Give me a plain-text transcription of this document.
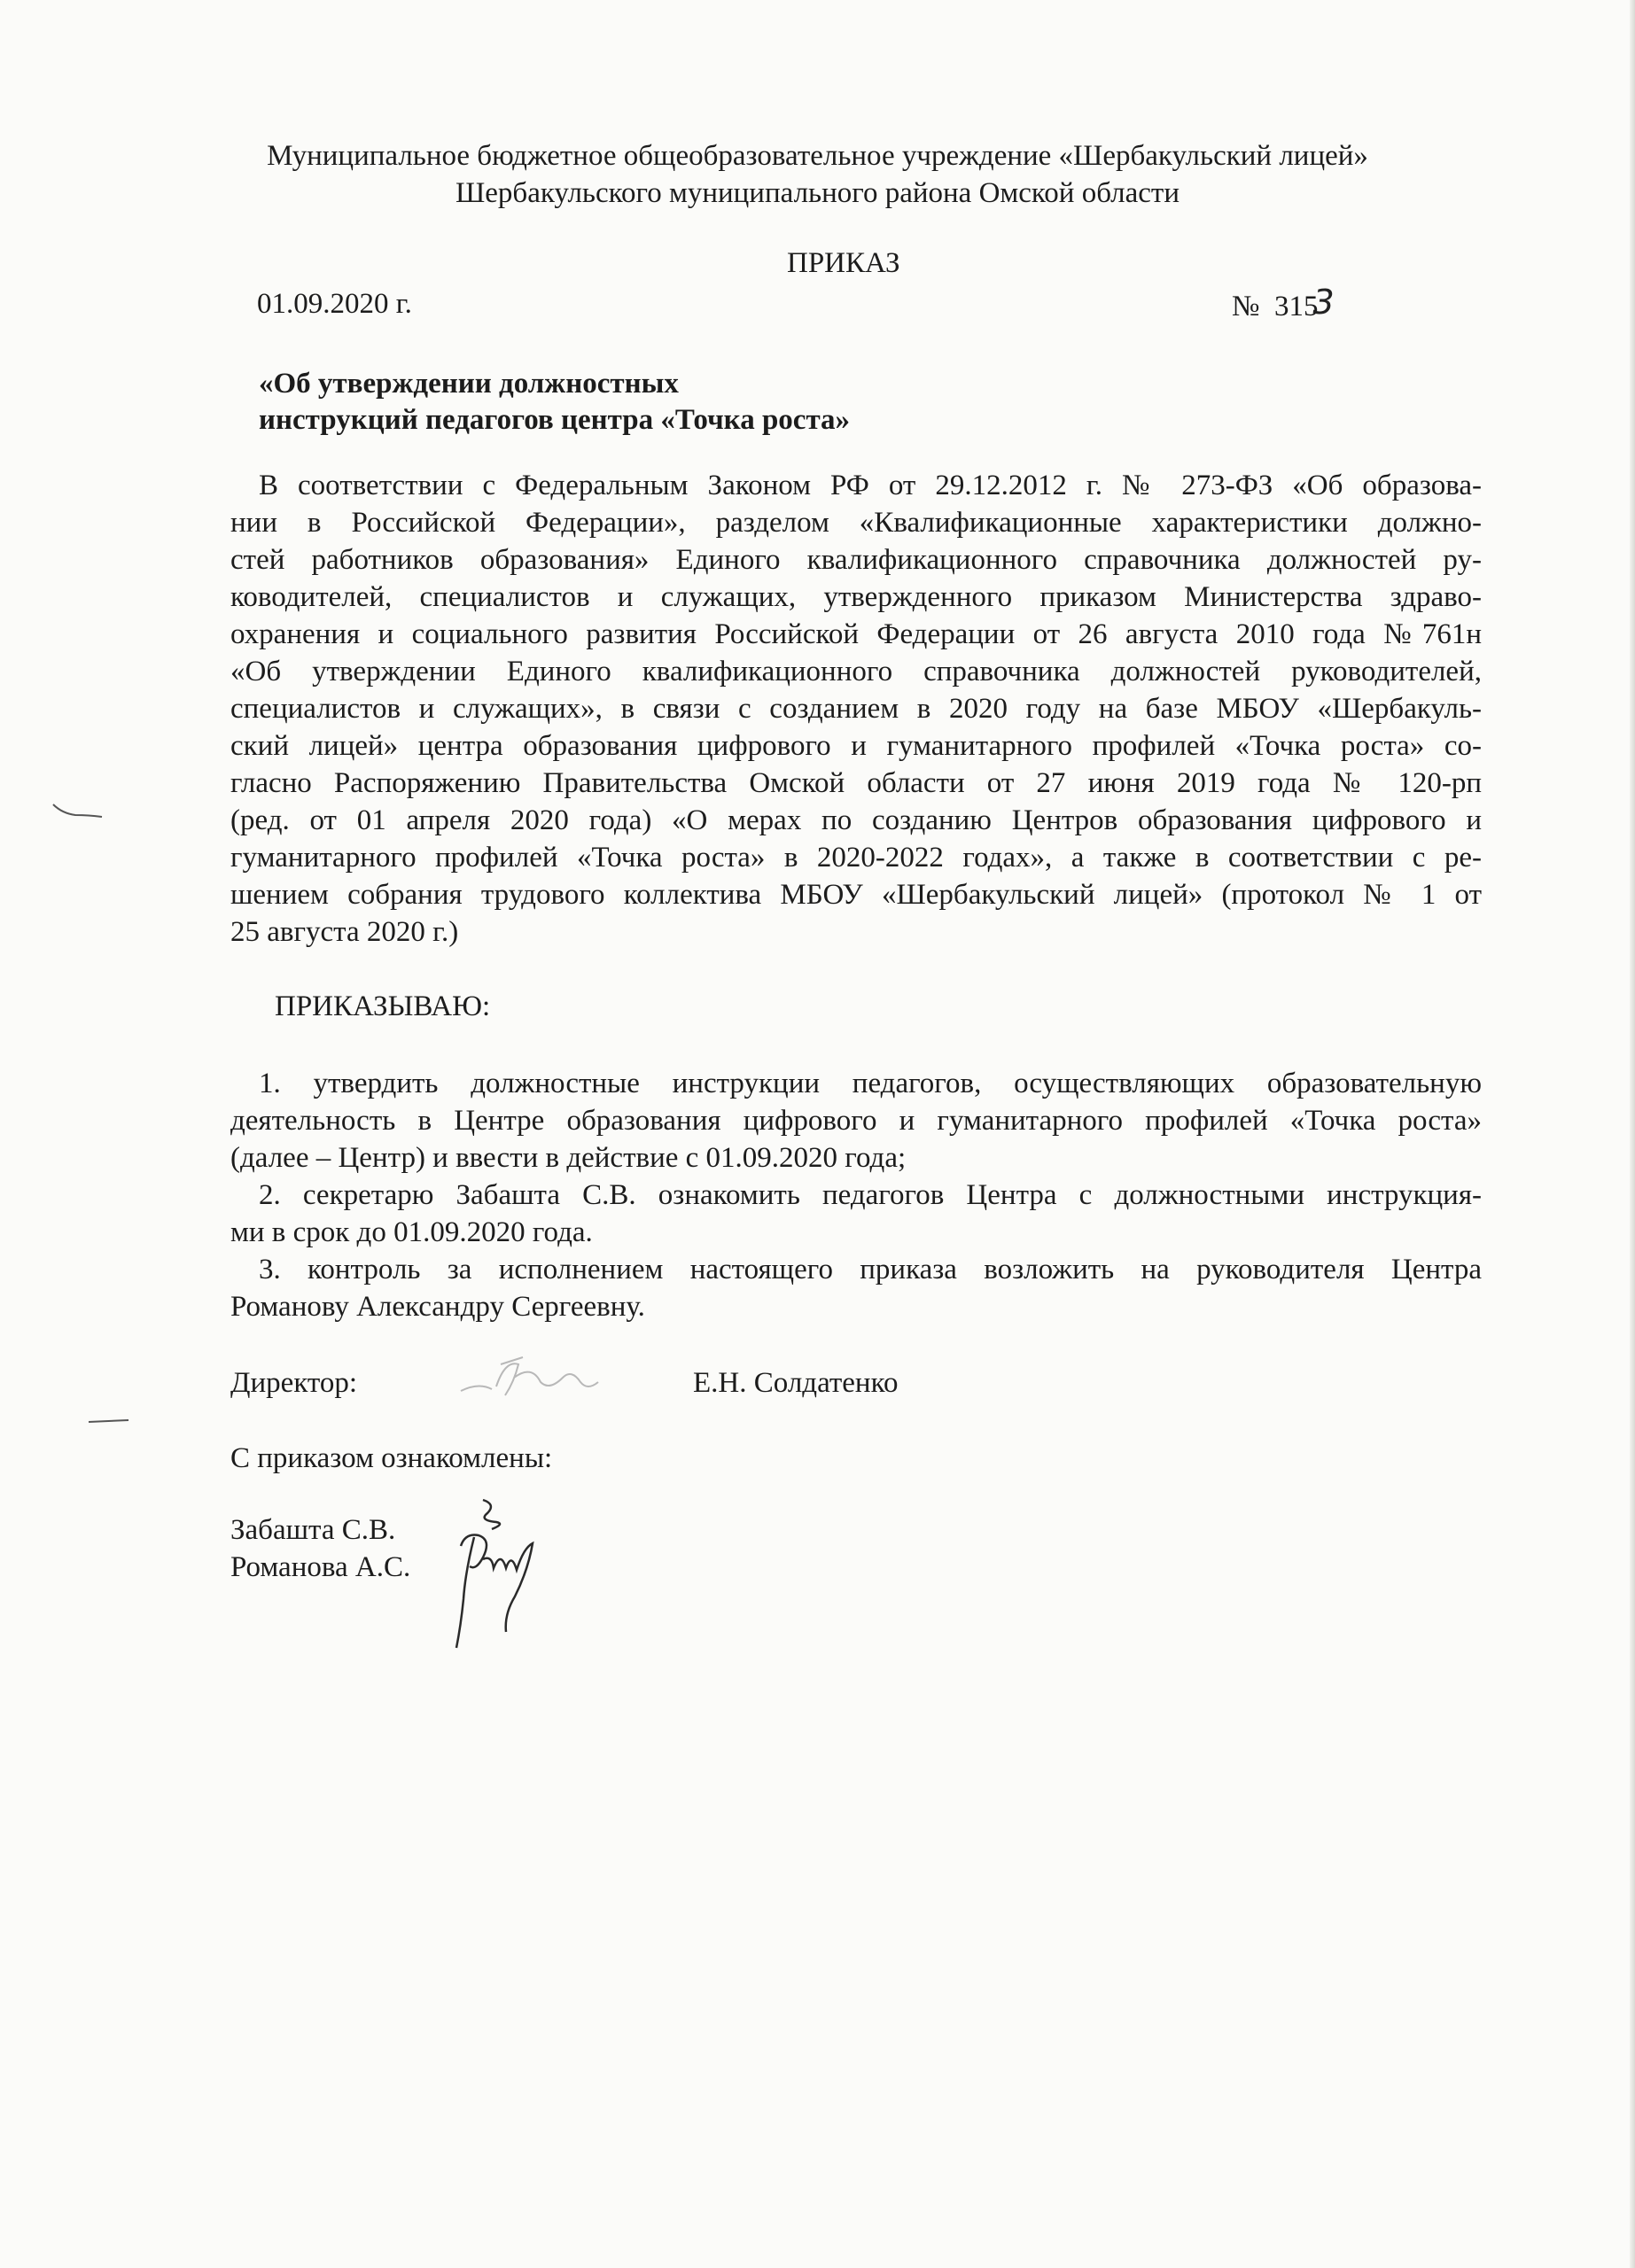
Муниципальное бюджетное общеобразовательное учреждение «Шербакульский лицей»
Шербакульского муниципального района Омской области
ПРИКАЗ
01.09.2020 г.	№ 3153
«Об утверждении должностных
инструкций педагогов центра «Точка роста»
В соответствии с Федеральным Законом РФ от 29.12.2012 г. № 273-ФЗ «Об образова-
нии в Российской Федерации», разделом «Квалификационные характеристики должно-
стей работников образования» Единого квалификационного справочника должностей ру-
ководителей, специалистов и служащих, утвержденного приказом Министерства здраво-
охранения и социального развития Российской Федерации от 26 августа 2010 года №761н
«Об утверждении Единого квалификационного справочника должностей руководителей,
специалистов и служащих», в связи с созданием в 2020 году на базе МБОУ «Шербакуль-
ский лицей» центра образования цифрового и гуманитарного профилей «Точка роста» со-
гласно Распоряжению Правительства Омской области от 27 июня 2019 года № 120-рп
(ред. от 01 апреля 2020 года) «О мерах по созданию Центров образования цифрового и
гуманитарного профилей «Точка роста» в 2020-2022 годах», а также в соответствии с ре-
шением собрания трудового коллектива МБОУ «Шербакульский лицей» (протокол № 1 от
25 августа 2020 г.)
ПРИКАЗЫВАЮ:
1. утвердить должностные инструкции педагогов, осуществляющих образовательную
деятельность в Центре образования цифрового и гуманитарного профилей «Точка роста»
(далее – Центр) и ввести в действие с 01.09.2020 года;
2. секретарю Забашта С.В. ознакомить педагогов Центра с должностными инструкция-
ми в срок до 01.09.2020 года.
3. контроль за исполнением настоящего приказа возложить на руководителя Центра
Романову Александру Сергеевну.
Директор:	Е.Н. Солдатенко
С приказом ознакомлены:
Забашта С.В.
Романова А.С.
